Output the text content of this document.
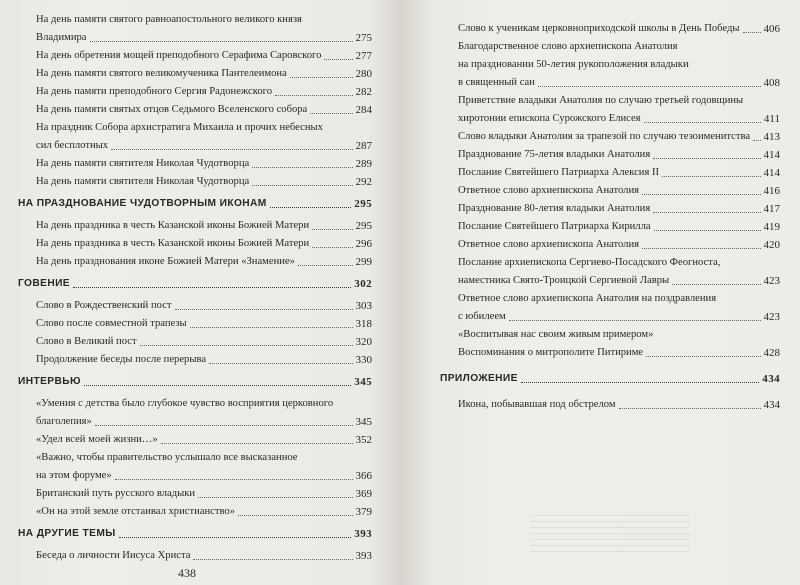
На день памяти святого равноапостольного великого князя
Владимира	275
На день обретения мощей преподобного Серафима Саровского	277
На день памяти святого великомученика Пантелеимона	280
На день памяти преподобного Сергия Радонежского	282
На день памяти святых отцов Седьмого Вселенского собора	284
На праздник Собора архистратига Михаила и прочих небесных
сил бесплотных	287
На день памяти святителя Николая Чудотворца	289
На день памяти святителя Николая Чудотворца	292
НА ПРАЗДНОВАНИЕ ЧУДОТВОРНЫМ ИКОНАМ	295
На день праздника в честь Казанской иконы Божией Матери	295
На день праздника в честь Казанской иконы Божией Матери	296
На день празднования иконе Божией Матери «Знамение»	299
ГОВЕНИЕ	302
Слово в Рождественский пост	303
Слово после совместной трапезы	318
Слово в Великий пост	320
Продолжение беседы после перерыва	330
ИНТЕРВЬЮ	345
«Умения с детства было глубокое чувство восприятия церковного
благолепия»	345
«Удел всей моей жизни…»	352
«Важно, чтобы правительство услышало все высказанное
на этом форуме»	366
Британский путь русского владыки	369
«Он на этой земле отстаивал христианство»	379
НА ДРУГИЕ ТЕМЫ	393
Беседа о личности Иисуса Христа	393
438
Слово к ученикам церковноприходской школы в День Победы 406
Благодарственное слово архиепископа Анатолия
на праздновании 50-летия рукоположения владыки
в священный сан	408
Приветствие владыки Анатолия по случаю третьей годовщины
хиротонии епископа Сурожского Елисея	411
Слово владыки Анатолия за трапезой по случаю тезоименитства 413
Празднование 75-летия владыки Анатолия	414
Послание Святейшего Патриарха Алексия II	414
Ответное слово архиепископа Анатолия	416
Празднование 80-летия владыки Анатолия	417
Послание Святейшего Патриарха Кирилла	419
Ответное слово архиепископа Анатолия	420
Послание архиепископа Сергиево-Посадского Феогноста,
наместника Свято-Троицкой Сергиевой Лавры	423
Ответное слово архиепископа Анатолия на поздравления
с юбилеем	423
«Воспитывая нас своим живым примером»
Воспоминания о митрополите Питириме	428
ПРИЛОЖЕНИЕ	434
Икона, побывавшая под обстрелом	434
